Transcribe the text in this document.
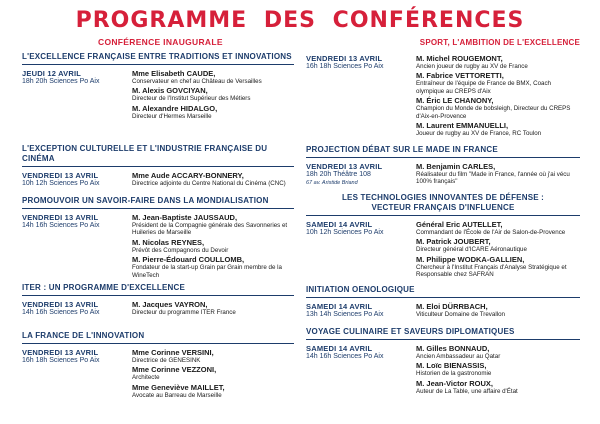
PROGRAMME DES CONFÉRENCES
CONFÉRENCE INAUGURALE
L'EXCELLENCE FRANÇAISE ENTRE TRADITIONS ET INNOVATIONS
JEUDI 12 AVRIL
18h 20h Sciences Po Aix
Mme Elisabeth CAUDE,
Conservateur en chef au Château de Versailles
M. Alexis GOVCIYAN,
Directeur de l'Institut Supérieur des Métiers
M. Alexandre HIDALGO,
Directeur d'Hermes Marseille
L'EXCEPTION CULTURELLE ET L'INDUSTRIE FRANÇAISE DU CINÉMA
VENDREDI 13 AVRIL
10h 12h Sciences Po Aix
Mme Aude ACCARY-BONNERY,
Directrice adjointe du Centre National du Cinéma (CNC)
PROMOUVOIR UN SAVOIR-FAIRE DANS LA MONDIALISATION
VENDREDI 13 AVRIL
14h 16h Sciences Po Aix
M. Jean-Baptiste JAUSSAUD,
Président de la Compagnie générale des Savonneries et Huileries de Marseille
M. Nicolas REYNES,
Prévôt des Compagnons du Devoir
M. Pierre-Édouard COULLOMB,
Fondateur de la start-up Grain par Grain membre de la WineTech
ITER : UN PROGRAMME D'EXCELLENCE
VENDREDI 13 AVRIL
14h 16h Sciences Po Aix
M. Jacques VAYRON,
Directeur du programme ITER France
LA FRANCE DE L'INNOVATION
VENDREDI 13 AVRIL
16h 18h Sciences Po Aix
Mme Corinne VERSINI,
Directrice de GENESINK
Mme Corinne VEZZONI,
Architecte
Mme Geneviève MAILLET,
Avocate au Barreau de Marseille
SPORT, L'AMBITION DE L'EXCELLENCE
VENDREDI 13 AVRIL
16h 18h Sciences Po Aix
M. Michel ROUGEMONT,
Ancien joueur de rugby au XV de France
M. Fabrice VETTORETTI,
Entraîneur de l'équipe de France de BMX, Coach olympique au CREPS d'Aix
M. Éric LE CHANONY,
Champion du Monde de bobsleigh, Directeur du CREPS d'Aix-en-Provence
M. Laurent EMMANUELLI,
Joueur de rugby au XV de France, RC Toulon
PROJECTION DÉBAT SUR LE MADE IN FRANCE
VENDREDI 13 AVRIL
18h 20h Théâtre 108
67 av. Aristide Briand
M. Benjamin CARLES,
Réalisateur du film "Made in France, l'année où j'ai vécu 100% français"
LES TECHNOLOGIES INNOVANTES DE DÉFENSE :
VECTEUR FRANÇAIS D'INFLUENCE
SAMEDI 14 AVRIL
10h 12h Sciences Po Aix
Général Eric AUTELLET,
Commandant de l'École de l'Air de Salon-de-Provence
M. Patrick JOUBERT,
Directeur général d'ICARE Aéronautique
M. Philippe WODKA-GALLIEN,
Chercheur à l'Institut Français d'Analyse Stratégique et Responsable chez SAFRAN
INITIATION OENOLOGIQUE
SAMEDI 14 AVRIL
13h 14h Sciences Po Aix
M. Eloi DÜRRBACH,
Viticulteur Domaine de Trevallon
VOYAGE CULINAIRE ET SAVEURS DIPLOMATIQUES
SAMEDI 14 AVRIL
14h 16h Sciences Po Aix
M. Gilles BONNAUD,
Ancien Ambassadeur au Qatar
M. Loïc BIENASSIS,
Historien de la gastronomie
M. Jean-Victor ROUX,
Auteur de La Table, une affaire d'État
